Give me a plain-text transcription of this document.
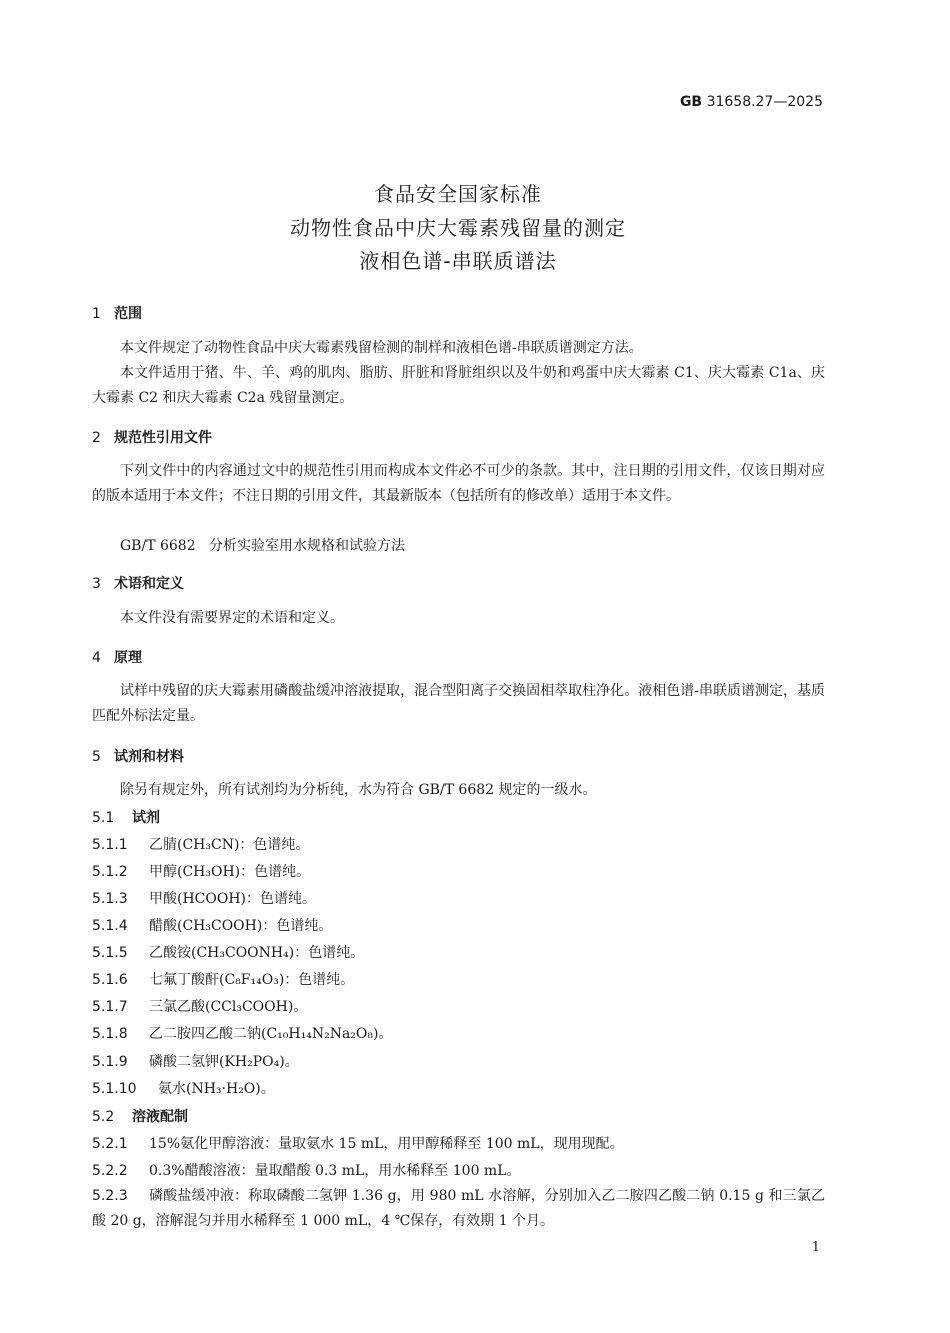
GB 31658.27—2025
食品安全国家标准
动物性食品中庆大霉素残留量的测定
液相色谱-串联质谱法
1 范围
本文件规定了动物性食品中庆大霉素残留检测的制样和液相色谱-串联质谱测定方法。
本文件适用于猪、牛、羊、鸡的肌肉、脂肪、肝脏和肾脏组织以及牛奶和鸡蛋中庆大霉素 C1、庆大霉素 C1a、庆大霉素 C2 和庆大霉素 C2a 残留量测定。
2 规范性引用文件
下列文件中的内容通过文中的规范性引用而构成本文件必不可少的条款。其中，注日期的引用文件，仅该日期对应的版本适用于本文件；不注日期的引用文件，其最新版本（包括所有的修改单）适用于本文件。
GB/T 6682 分析实验室用水规格和试验方法
3 术语和定义
本文件没有需要界定的术语和定义。
4 原理
试样中残留的庆大霉素用磷酸盐缓冲溶液提取，混合型阳离子交换固相萃取柱净化。液相色谱-串联质谱测定，基质匹配外标法定量。
5 试剂和材料
除另有规定外，所有试剂均为分析纯，水为符合 GB/T 6682 规定的一级水。
5.1 试剂
5.1.1 乙腈(CH₃CN)：色谱纯。
5.1.2 甲醇(CH₃OH)：色谱纯。
5.1.3 甲酸(HCOOH)：色谱纯。
5.1.4 醋酸(CH₃COOH)：色谱纯。
5.1.5 乙酸铵(CH₃COONH₄)：色谱纯。
5.1.6 七氟丁酸酐(C₈F₁₄O₃)：色谱纯。
5.1.7 三氯乙酸(CCl₃COOH)。
5.1.8 乙二胺四乙酸二钠(C₁₀H₁₄N₂Na₂O₈)。
5.1.9 磷酸二氢钾(KH₂PO₄)。
5.1.10 氨水(NH₃·H₂O)。
5.2 溶液配制
5.2.1 15%氨化甲醇溶液：量取氨水 15 mL，用甲醇稀释至 100 mL，现用现配。
5.2.2 0.3%醋酸溶液：量取醋酸 0.3 mL，用水稀释至 100 mL。
5.2.3 磷酸盐缓冲液：称取磷酸二氢钾 1.36 g，用 980 mL 水溶解，分别加入乙二胺四乙酸二钠 0.15 g 和三氯乙酸 20 g，溶解混匀并用水稀释至 1 000 mL，4 ℃保存，有效期 1 个月。
1
